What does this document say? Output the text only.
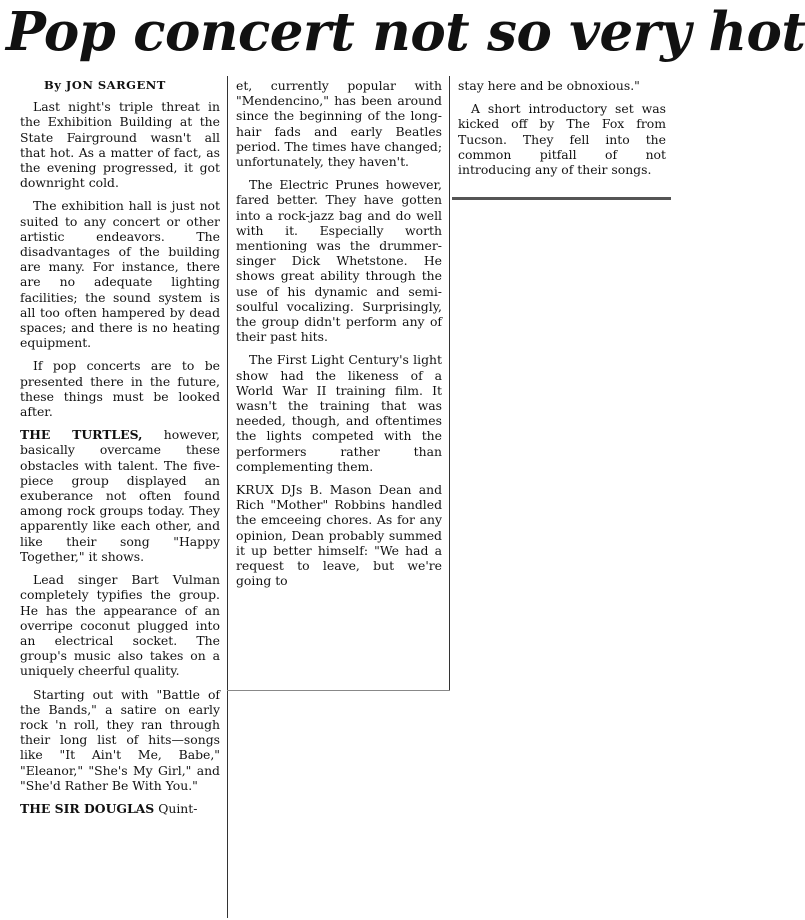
Pop concert not so very hot

By JON SARGENT

Last night's triple threat in the Exhibition Building at the State Fairground wasn't all that hot. As a matter of fact, as the evening progressed, it got downright cold.

The exhibition hall is just not suited to any concert or other artistic endeavors. The disadvantages of the building are many. For instance, there are no adequate lighting facilities; the sound system is all too often hampered by dead spaces; and there is no heating equipment.

If pop concerts are to be presented there in the future, these things must be looked after.

THE TURTLES, however, basically overcame these obstacles with talent. The five-piece group displayed an exuberance not often found among rock groups today. They apparently like each other, and like their song "Happy Together," it shows.

Lead singer Bart Vulman completely typifies the group. He has the appearance of an overripe coconut plugged into an electrical socket. The group's music also takes on a uniquely cheerful quality.

Starting out with "Battle of the Bands," a satire on early rock 'n roll, they ran through their long list of hits—songs like "It Ain't Me, Babe," "Eleanor," "She's My Girl," and "She'd Rather Be With You."

THE SIR DOUGLAS Quint-

et, currently popular with "Mendencino," has been around since the beginning of the long-hair fads and early Beatles period. The times have changed; unfortunately, they haven't.

The Electric Prunes however, fared better. They have gotten into a rock-jazz bag and do well with it. Especially worth mentioning was the drummer-singer Dick Whetstone. He shows great ability through the use of his dynamic and semi-soulful vocalizing. Surprisingly, the group didn't perform any of their past hits.

The First Light Century's light show had the likeness of a World War II training film. It wasn't the training that was needed, though, and oftentimes the lights competed with the performers rather than complementing them.

KRUX DJs B. Mason Dean and Rich "Mother" Robbins handled the emceeing chores. As for any opinion, Dean probably summed it up better himself: "We had a request to leave, but we're going to

stay here and be obnoxious."

A short introductory set was kicked off by The Fox from Tucson. They fell into the common pitfall of not introducing any of their songs.
